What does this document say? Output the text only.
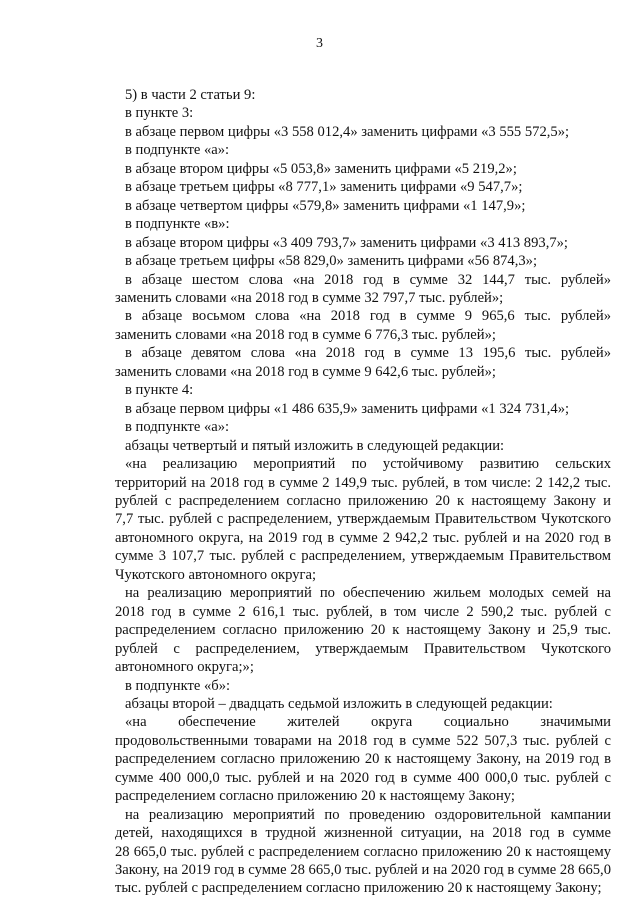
3

5) в части 2 статьи 9:

в пункте 3:

в абзаце первом цифры «3 558 012,4» заменить цифрами «3 555 572,5»;

в подпункте «а»:

в абзаце втором цифры «5 053,8» заменить цифрами «5 219,2»;

в абзаце третьем цифры «8 777,1» заменить цифрами «9 547,7»;

в абзаце четвертом цифры «579,8» заменить цифрами «1 147,9»;

в подпункте «в»:

в абзаце втором цифры «3 409 793,7» заменить цифрами «3 413 893,7»;

в абзаце третьем цифры «58 829,0» заменить цифрами «56 874,3»;

в абзаце шестом слова «на 2018 год в сумме 32 144,7 тыс. рублей»

заменить словами «на 2018 год в сумме 32 797,7 тыс. рублей»;

в абзаце восьмом слова «на 2018 год в сумме 9 965,6 тыс. рублей»

заменить словами «на 2018 год в сумме 6 776,3 тыс. рублей»;

в абзаце девятом слова «на 2018 год в сумме 13 195,6 тыс. рублей»

заменить словами «на 2018 год в сумме 9 642,6 тыс. рублей»;

в пункте 4:

в абзаце первом цифры «1 486 635,9» заменить цифрами «1 324 731,4»;

в подпункте «а»:

абзацы четвертый и пятый изложить в следующей редакции:

«на реализацию мероприятий по устойчивому развитию сельских

территорий на 2018 год в сумме 2 149,9 тыс. рублей, в том числе: 2 142,2 тыс.

рублей с распределением согласно приложению 20 к настоящему Закону и

7,7 тыс. рублей с распределением, утверждаемым Правительством Чукотского

автономного округа, на 2019 год в сумме 2 942,2 тыс. рублей и на 2020 год в

сумме 3 107,7 тыс. рублей с распределением, утверждаемым Правительством

Чукотского автономного округа;

на реализацию мероприятий по обеспечению жильем молодых семей на

2018 год в сумме 2 616,1 тыс. рублей, в том числе 2 590,2 тыс. рублей с

распределением согласно приложению 20 к настоящему Закону и 25,9 тыс.

рублей с распределением, утверждаемым Правительством Чукотского

автономного округа;»;

в подпункте «б»:

абзацы второй – двадцать седьмой изложить в следующей редакции:

«на обеспечение жителей округа социально значимыми

продовольственными товарами на 2018 год в сумме 522 507,3 тыс. рублей с

распределением согласно приложению 20 к настоящему Закону, на 2019 год в

сумме 400 000,0 тыс. рублей и на 2020 год в сумме 400 000,0 тыс. рублей с

распределением согласно приложению 20 к настоящему Закону;

на реализацию мероприятий по проведению оздоровительной кампании

детей, находящихся в трудной жизненной ситуации, на 2018 год в сумме

28 665,0 тыс. рублей с распределением согласно приложению 20 к настоящему

Закону, на 2019 год в сумме 28 665,0 тыс. рублей и на 2020 год в сумме 28 665,0

тыс. рублей с распределением согласно приложению 20 к настоящему Закону;
